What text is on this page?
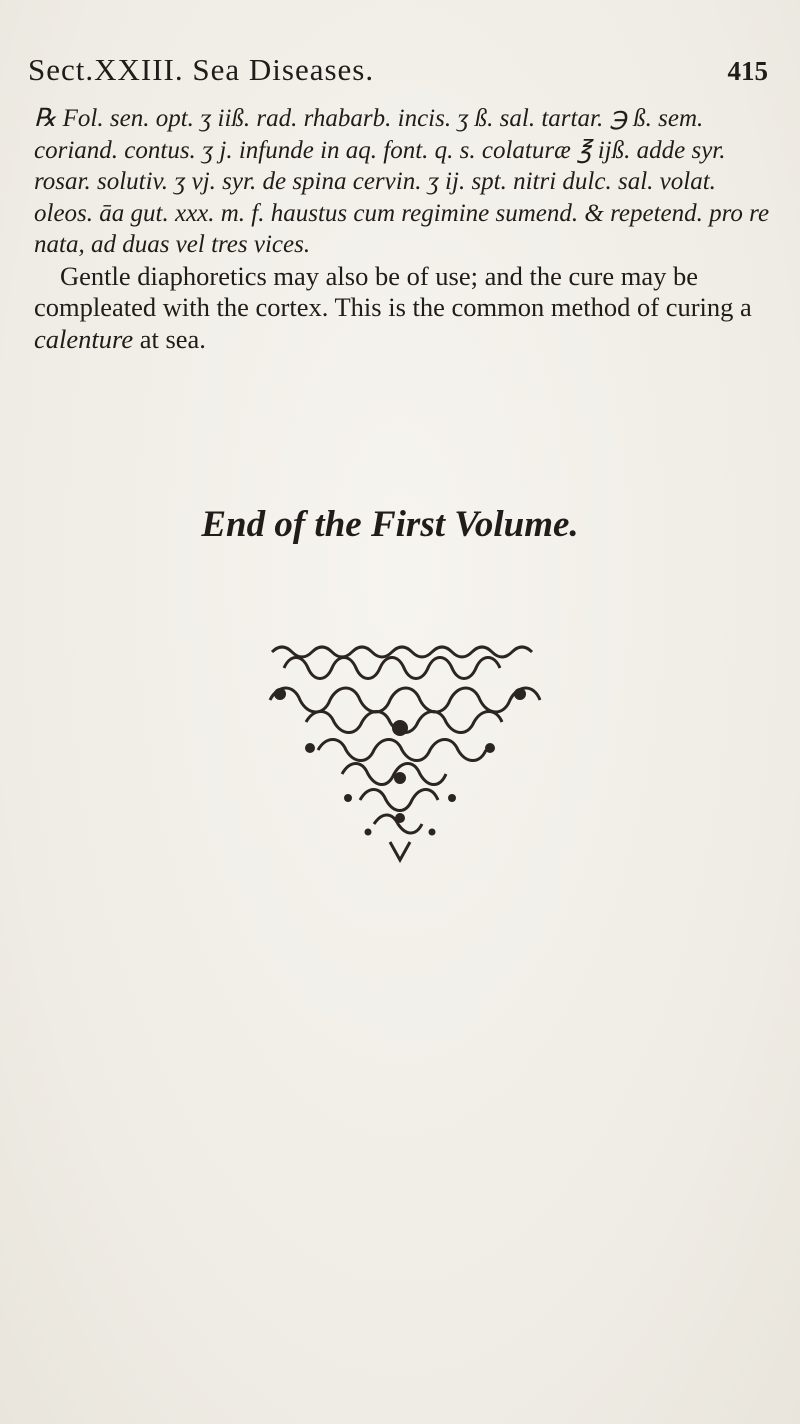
Sect.XXIII. Sea Diseases.	415

℞ Fol. sen. opt. ʒ iiß. rad. rhabarb. incis. ʒ ß. sal. tartar. ℈ ß. sem. coriand. contus. ʒ j. infunde in aq. font. q. s. colaturæ ℥ ijß. adde syr. rosar. solutiv. ʒ vj. syr. de spina cervin. ʒ ij. spt. nitri dulc. sal. volat. oleos. āa gut. xxx. m. f. haustus cum regimine sumend. & repetend. pro re nata, ad duas vel tres vices.

Gentle diaphoretics may also be of use; and the cure may be compleated with the cortex. This is the common method of curing a calenture at sea.

End of the First Volume.
